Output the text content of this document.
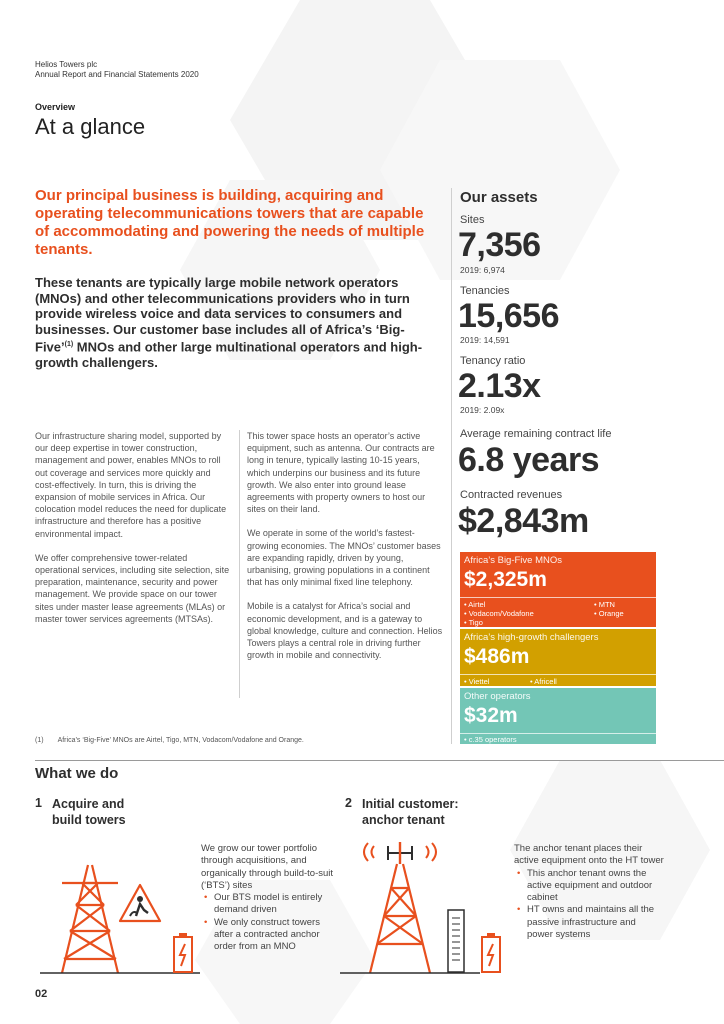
Helios Towers plc
Annual Report and Financial Statements 2020
Overview
At a glance
Our principal business is building, acquiring and operating telecommunications towers that are capable of accommodating and powering the needs of multiple tenants.
These tenants are typically large mobile network operators (MNOs) and other telecommunications providers who in turn provide wireless voice and data services to consumers and businesses. Our customer base includes all of Africa’s ‘Big-Five’$^{(1)}$ MNOs and other large multinational operators and high-growth challengers.

Our infrastructure sharing model, supported by our deep expertise in tower construction, management and power, enables MNOs to roll out coverage and services more quickly and cost-effectively. In turn, this is driving the expansion of mobile services in Africa. Our colocation model reduces the need for duplicate infrastructure and therefore has a positive environmental impact.

We offer comprehensive tower-related operational services, including site selection, site preparation, maintenance, security and power management. We provide space on our tower sites under master lease agreements (MLAs) or master tower services agreements (MTSAs).

This tower space hosts an operator’s active equipment, such as antenna. Our contracts are long in tenure, typically lasting 10-15 years, which underpins our business and its future growth. We also enter into ground lease agreements with property owners to host our sites on their land.

We operate in some of the world’s fastest-growing economies. The MNOs’ customer bases are expanding rapidly, driven by young, urbanising, growing populations in a continent that has only minimal fixed line telephony.

Mobile is a catalyst for Africa’s social and economic development, and is a gateway to global knowledge, culture and connection. Helios Towers plays a central role in driving further growth in mobile and connectivity.

(1) Africa’s ‘Big-Five’ MNOs are Airtel, Tigo, MTN, Vodacom/Vodafone and Orange.
Our assets
Sites
7,356
2019: 6,974
Tenancies
15,656
2019: 14,591
Tenancy ratio
2.13x
2019: 2.09x
Average remaining contract life
6.8 years
Contracted revenues
$2,843m
Africa’s Big-Five MNOs
$2,325m
• Airtel
• Vodacom/Vodafone
• Tigo
• MTN
• Orange
Africa’s high-growth challengers
$486m
• Viettel	• Africell
Other operators
$32m
• c.35 operators
What we do
1 Acquire and
build towers
We grow our tower portfolio through acquisitions, and organically through build-to-suit (‘BTS’) sites
• Our BTS model is entirely demand driven
• We only construct towers after a contracted anchor order from an MNO
2 Initial customer:
anchor tenant
The anchor tenant places their active equipment onto the HT tower
• This anchor tenant owns the active equipment and outdoor cabinet
• HT owns and maintains all the passive infrastructure and power systems
02
